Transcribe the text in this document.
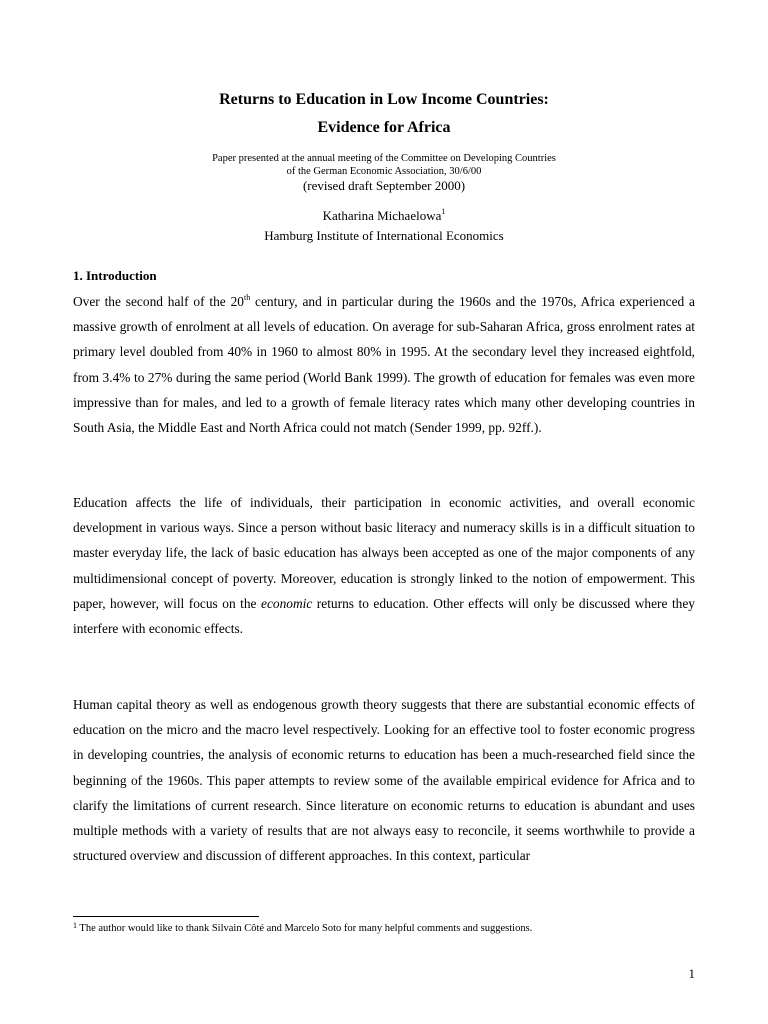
Returns to Education in Low Income Countries:
Evidence for Africa
Paper presented at the annual meeting of the Committee on Developing Countries
of the German Economic Association, 30/6/00
(revised draft September 2000)
Katharina Michaelowa$^1$
Hamburg Institute of International Economics
1. Introduction

Over the second half of the 20th century, and in particular during the 1960s and the 1970s, Africa experienced a massive growth of enrolment at all levels of education. On average for sub-Saharan Africa, gross enrolment rates at primary level doubled from 40% in 1960 to almost 80% in 1995. At the secondary level they increased eightfold, from 3.4% to 27% during the same period (World Bank 1999). The growth of education for females was even more impressive than for males, and led to a growth of female literacy rates which many other developing countries in South Asia, the Middle East and North Africa could not match (Sender 1999, pp. 92ff.).

Education affects the life of individuals, their participation in economic activities, and overall economic development in various ways. Since a person without basic literacy and numeracy skills is in a difficult situation to master everyday life, the lack of basic education has always been accepted as one of the major components of any multidimensional concept of poverty. Moreover, education is strongly linked to the notion of empowerment. This paper, however, will focus on the economic returns to education. Other effects will only be discussed where they interfere with economic effects.

Human capital theory as well as endogenous growth theory suggests that there are substantial economic effects of education on the micro and the macro level respectively. Looking for an effective tool to foster economic progress in developing countries, the analysis of economic returns to education has been a much-researched field since the beginning of the 1960s. This paper attempts to review some of the available empirical evidence for Africa and to clarify the limitations of current research. Since literature on economic returns to education is abundant and uses multiple methods with a variety of results that are not always easy to reconcile, it seems worthwhile to provide a structured overview and discussion of different approaches. In this context, particular

$^1$ The author would like to thank Silvain Côté and Marcelo Soto for many helpful comments and suggestions.
1
